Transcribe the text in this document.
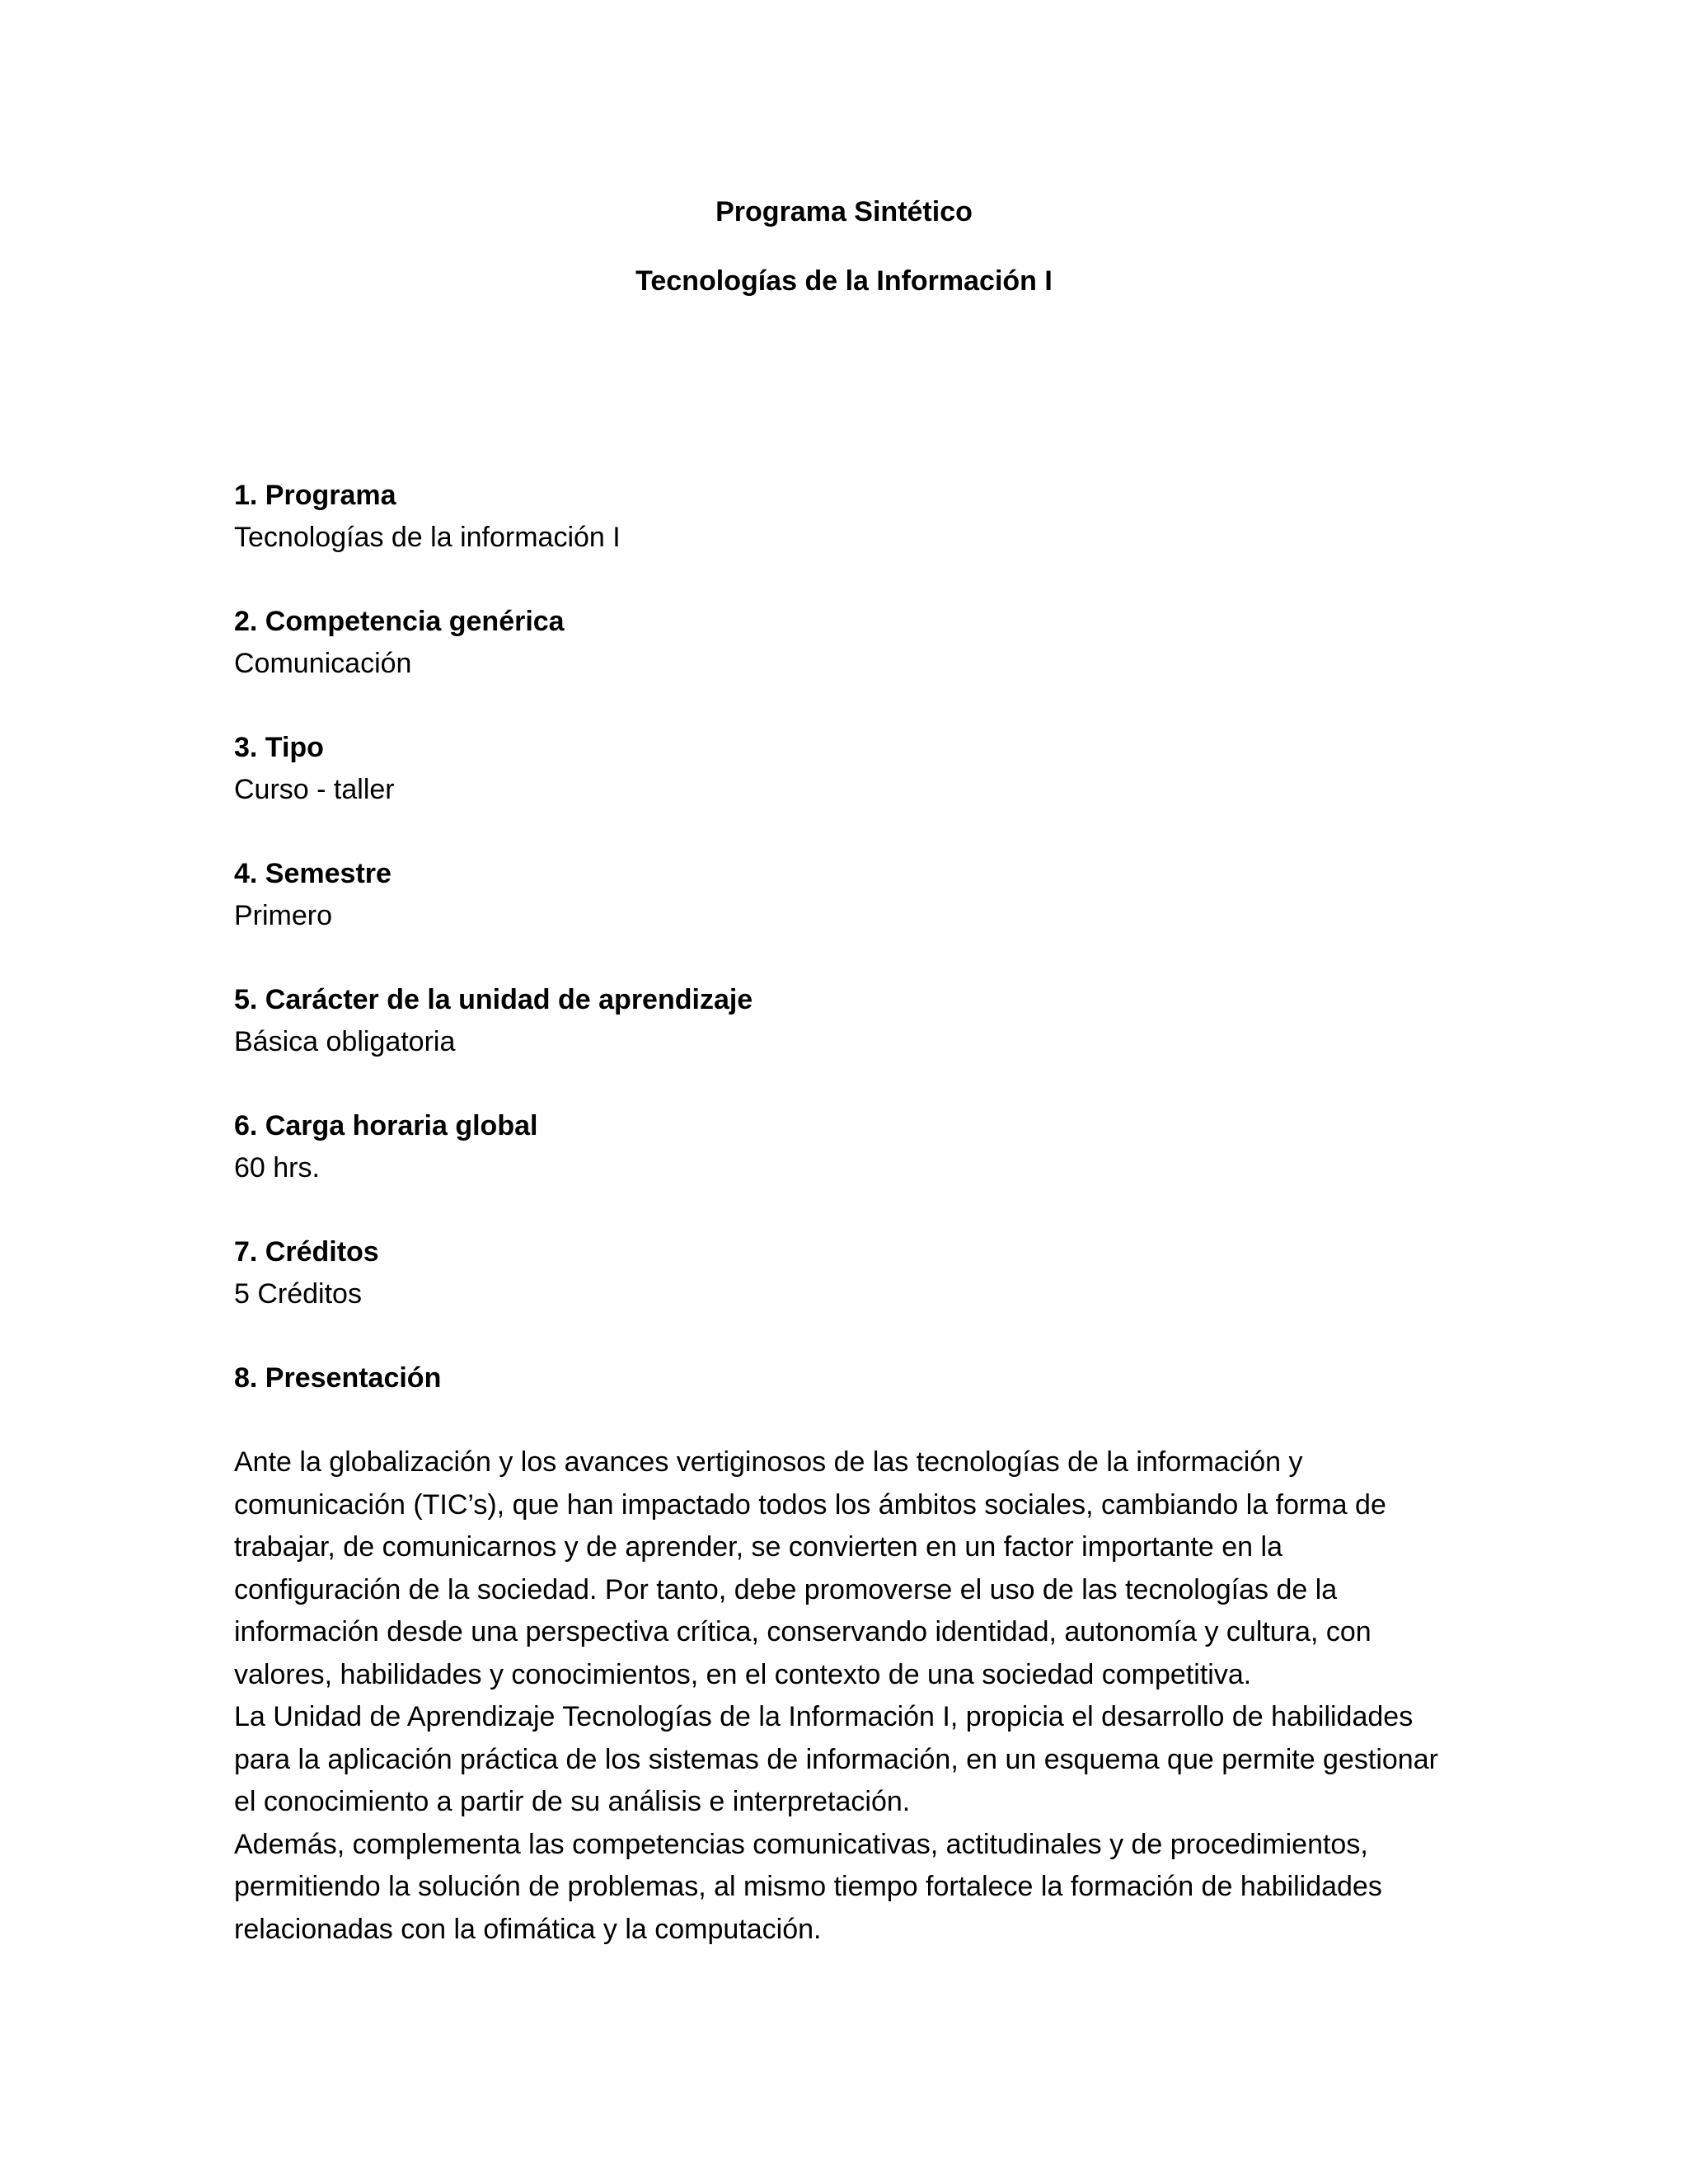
Programa Sintético
Tecnologías de la Información I

1. Programa

Tecnologías de la información I

2. Competencia genérica

Comunicación

3. Tipo

Curso - taller

4. Semestre

Primero

5. Carácter de la unidad de aprendizaje

Básica obligatoria

6. Carga horaria global

60 hrs.

7. Créditos

5 Créditos

8. Presentación

Ante la globalización y los avances vertiginosos de las tecnologías de la información y

comunicación (TIC’s), que han impactado todos los ámbitos sociales, cambiando la forma de

trabajar, de comunicarnos y de aprender, se convierten en un factor importante en la

configuración de la sociedad. Por tanto, debe promoverse el uso de las tecnologías de la

información desde una perspectiva crítica, conservando identidad, autonomía y cultura, con

valores, habilidades y conocimientos, en el contexto de una sociedad competitiva.

La Unidad de Aprendizaje Tecnologías de la Información I, propicia el desarrollo de habilidades

para la aplicación práctica de los sistemas de información, en un esquema que permite gestionar

el conocimiento a partir de su análisis e interpretación.

Además, complementa las competencias comunicativas, actitudinales y de procedimientos,

permitiendo la solución de problemas, al mismo tiempo fortalece la formación de habilidades

relacionadas con la ofimática y la computación.
